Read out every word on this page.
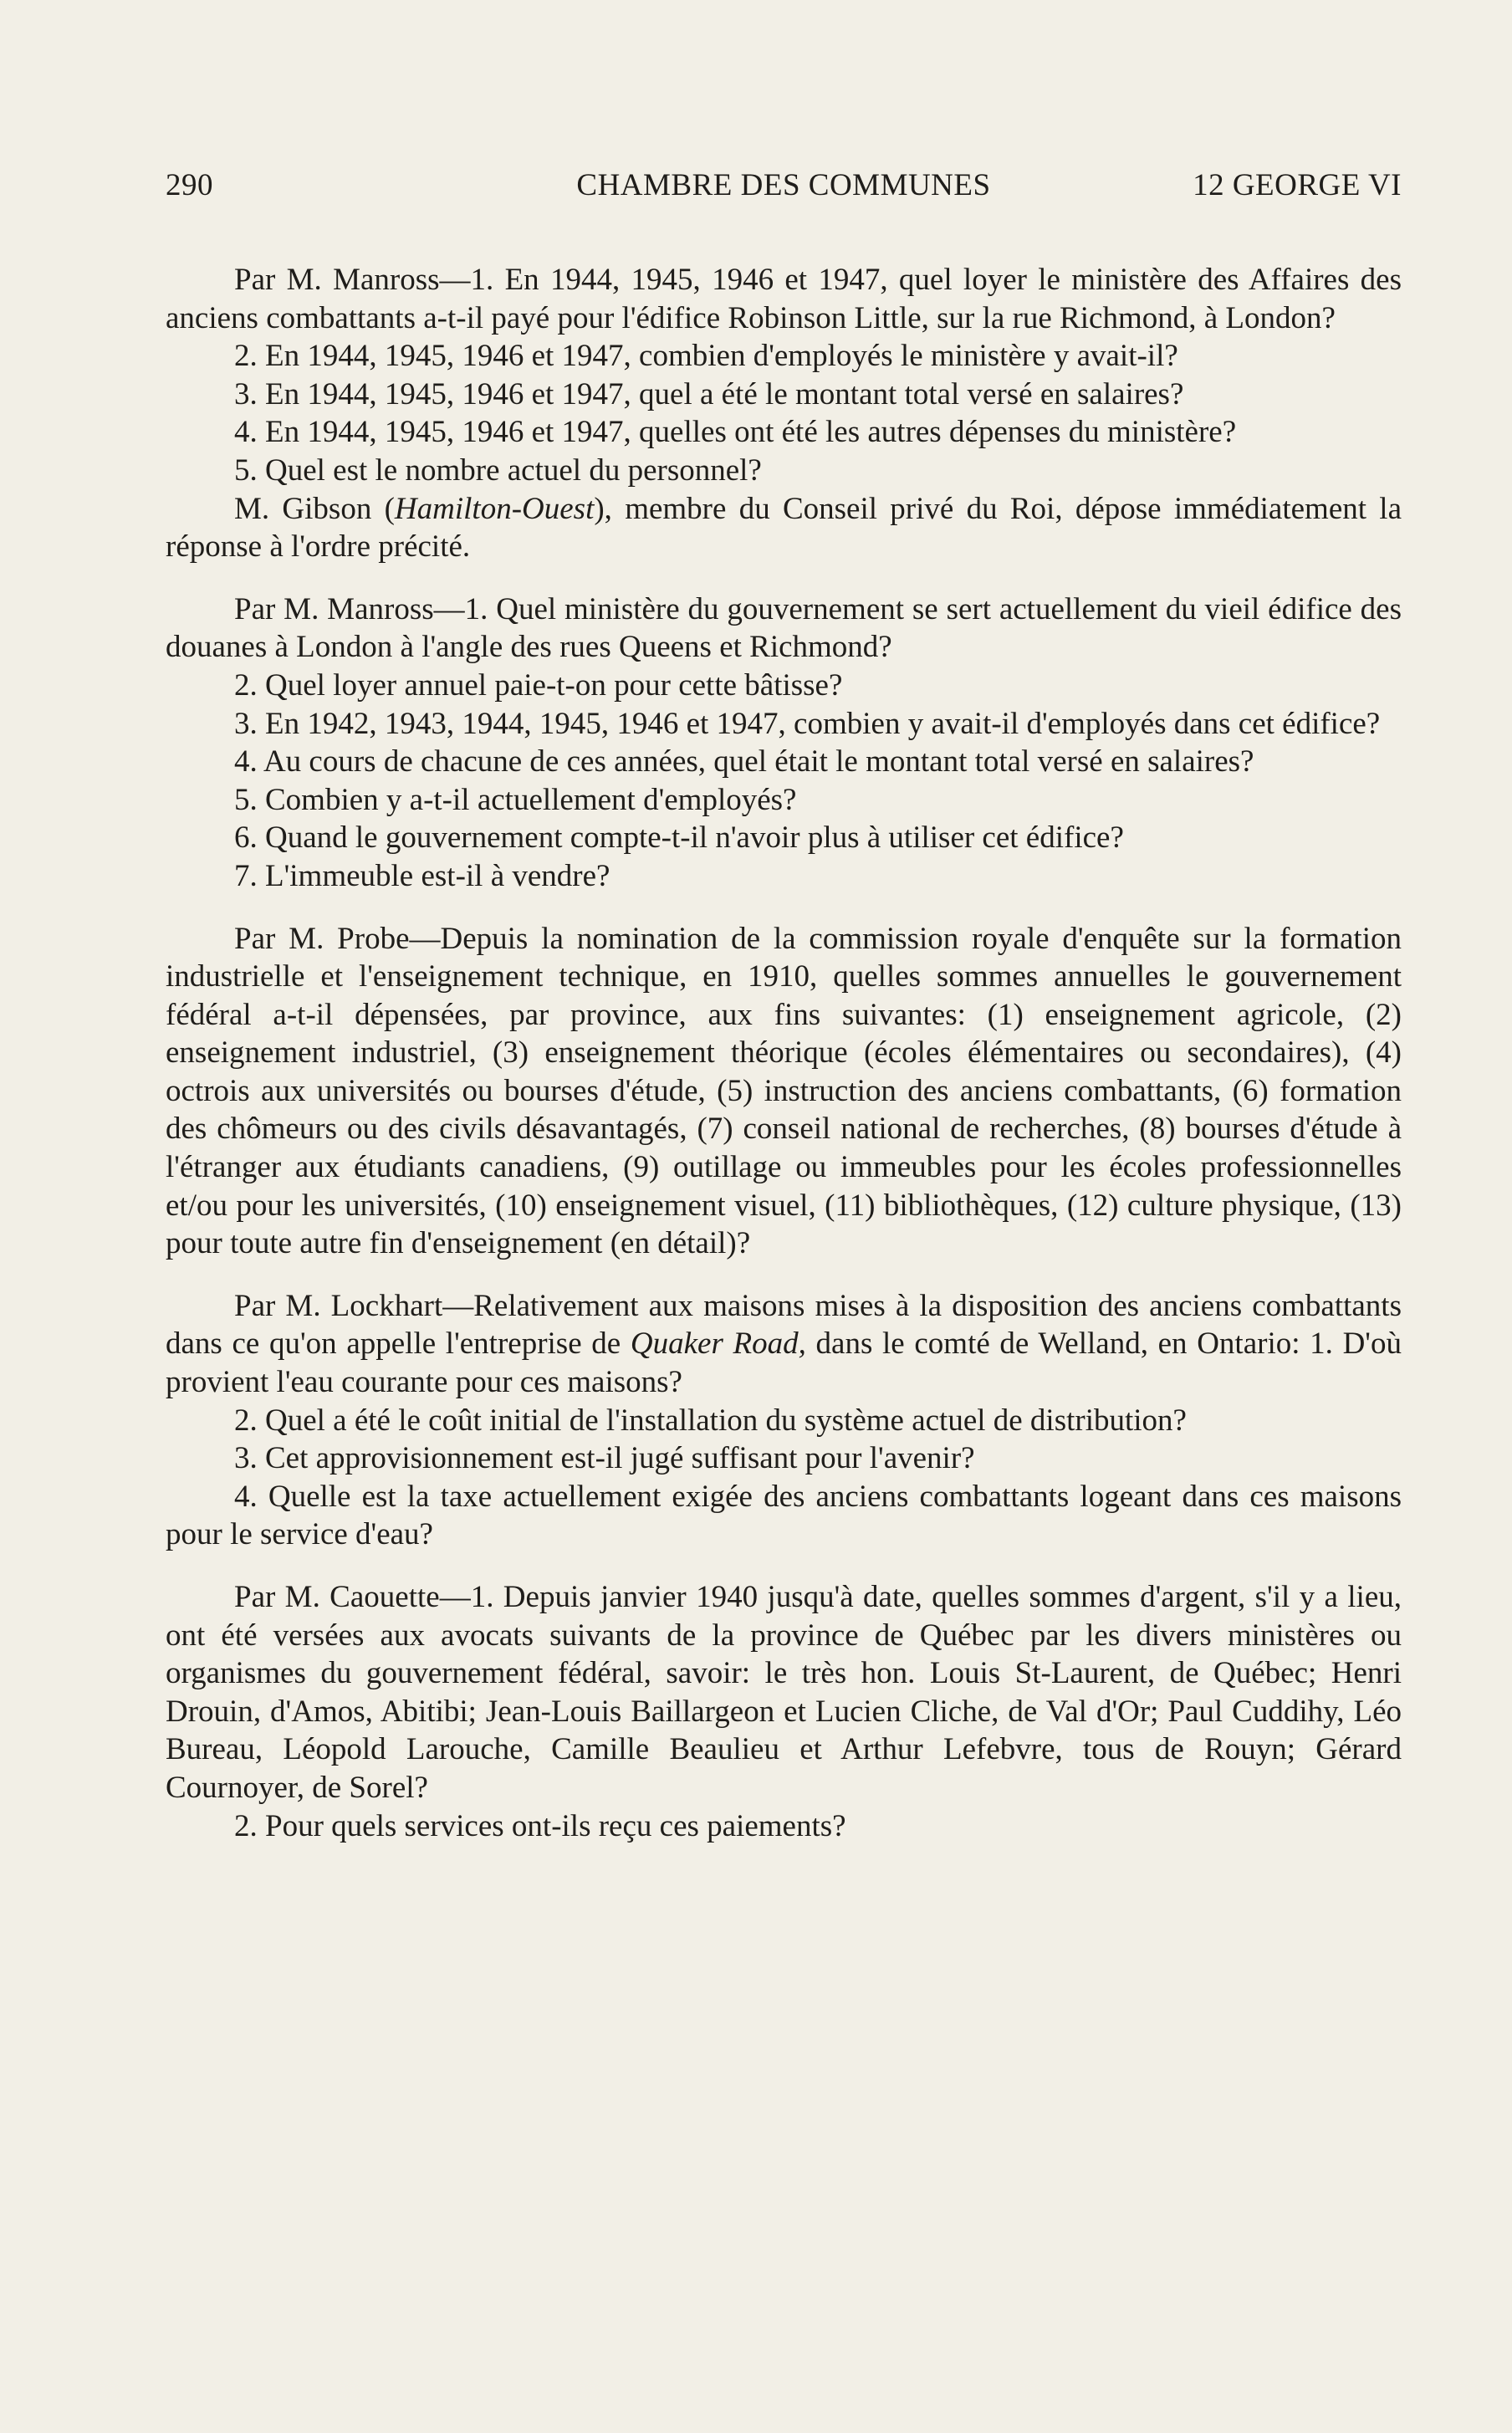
290	CHAMBRE DES COMMUNES	12 GEORGE VI

Par M. Manross—1. En 1944, 1945, 1946 et 1947, quel loyer le ministère des Affaires des anciens combattants a-t-il payé pour l'édifice Robinson Little, sur la rue Richmond, à London?

2. En 1944, 1945, 1946 et 1947, combien d'employés le ministère y avait-il?

3. En 1944, 1945, 1946 et 1947, quel a été le montant total versé en salaires?

4. En 1944, 1945, 1946 et 1947, quelles ont été les autres dépenses du ministère?

5. Quel est le nombre actuel du personnel?

M. Gibson (Hamilton-Ouest), membre du Conseil privé du Roi, dépose immédiatement la réponse à l'ordre précité.

Par M. Manross—1. Quel ministère du gouvernement se sert actuellement du vieil édifice des douanes à London à l'angle des rues Queens et Richmond?

2. Quel loyer annuel paie-t-on pour cette bâtisse?

3. En 1942, 1943, 1944, 1945, 1946 et 1947, combien y avait-il d'employés dans cet édifice?

4. Au cours de chacune de ces années, quel était le montant total versé en salaires?

5. Combien y a-t-il actuellement d'employés?

6. Quand le gouvernement compte-t-il n'avoir plus à utiliser cet édifice?

7. L'immeuble est-il à vendre?

Par M. Probe—Depuis la nomination de la commission royale d'enquête sur la formation industrielle et l'enseignement technique, en 1910, quelles sommes annuelles le gouvernement fédéral a-t-il dépensées, par province, aux fins suivantes: (1) enseignement agricole, (2) enseignement industriel, (3) enseignement théorique (écoles élémentaires ou secondaires), (4) octrois aux universités ou bourses d'étude, (5) instruction des anciens combattants, (6) formation des chômeurs ou des civils désavantagés, (7) conseil national de recherches, (8) bourses d'étude à l'étranger aux étudiants canadiens, (9) outillage ou immeubles pour les écoles professionnelles et/ou pour les universités, (10) enseignement visuel, (11) bibliothèques, (12) culture physique, (13) pour toute autre fin d'enseignement (en détail)?

Par M. Lockhart—Relativement aux maisons mises à la disposition des anciens combattants dans ce qu'on appelle l'entreprise de Quaker Road, dans le comté de Welland, en Ontario: 1. D'où provient l'eau courante pour ces maisons?

2. Quel a été le coût initial de l'installation du système actuel de distribution?

3. Cet approvisionnement est-il jugé suffisant pour l'avenir?

4. Quelle est la taxe actuellement exigée des anciens combattants logeant dans ces maisons pour le service d'eau?

Par M. Caouette—1. Depuis janvier 1940 jusqu'à date, quelles sommes d'argent, s'il y a lieu, ont été versées aux avocats suivants de la province de Québec par les divers ministères ou organismes du gouvernement fédéral, savoir: le très hon. Louis St-Laurent, de Québec; Henri Drouin, d'Amos, Abitibi; Jean-Louis Baillargeon et Lucien Cliche, de Val d'Or; Paul Cuddihy, Léo Bureau, Léopold Larouche, Camille Beaulieu et Arthur Lefebvre, tous de Rouyn; Gérard Cournoyer, de Sorel?

2. Pour quels services ont-ils reçu ces paiements?
